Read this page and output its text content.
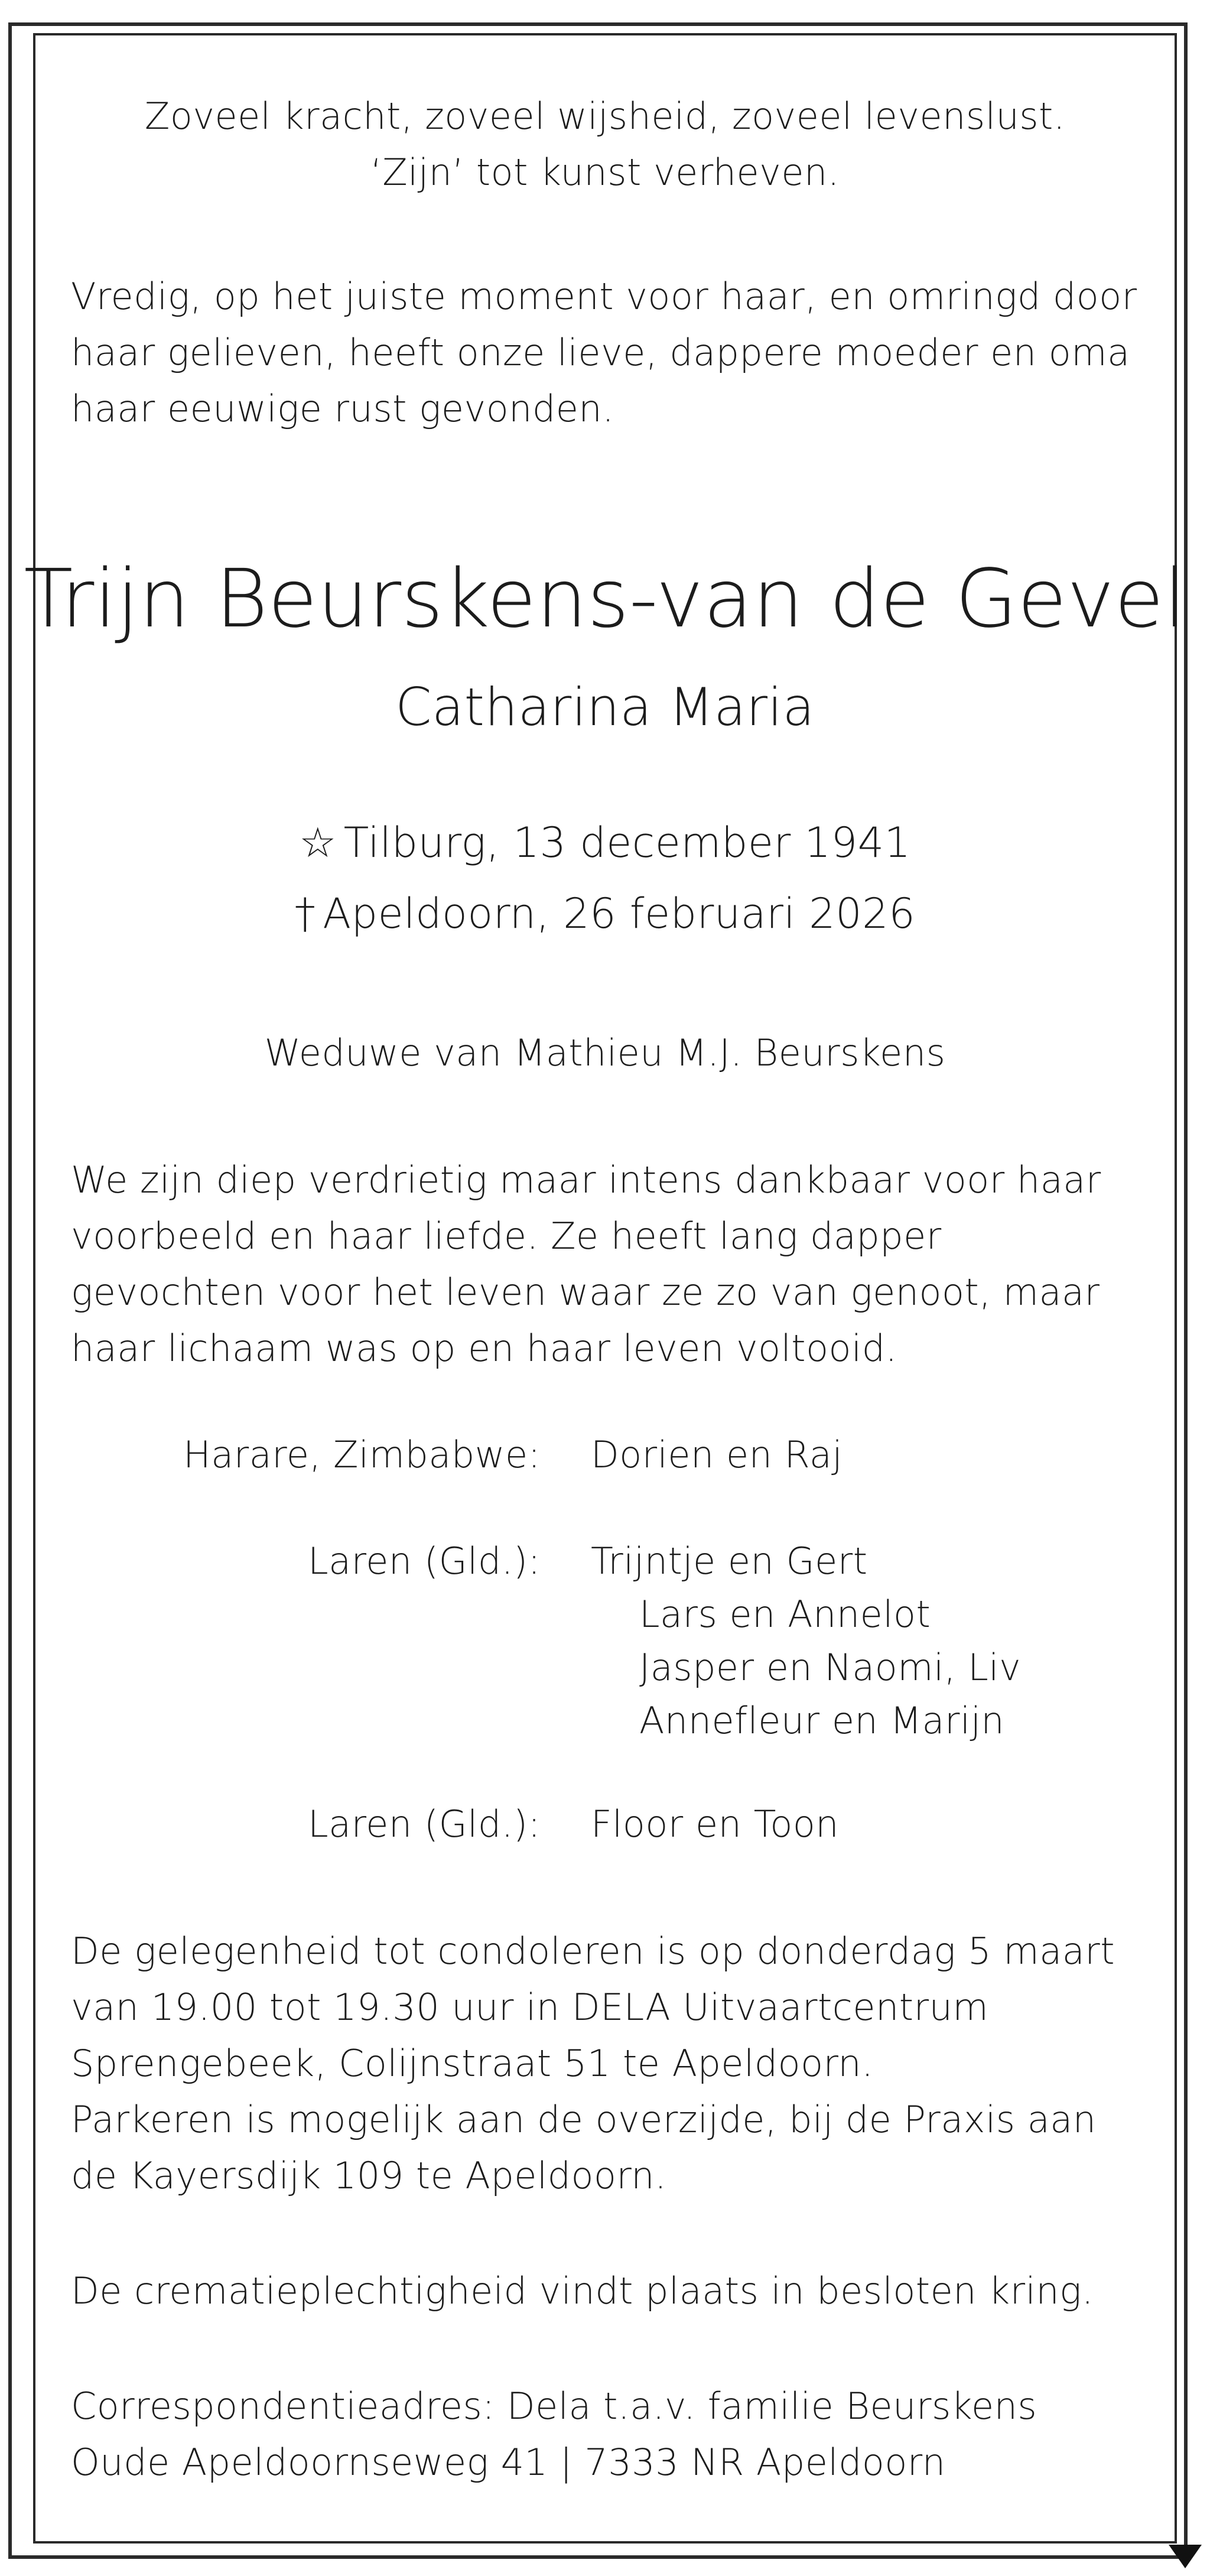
Zoveel kracht, zoveel wijsheid, zoveel levenslust.
‘Zijn’ tot kunst verheven.
Vredig, op het juiste moment voor haar, en omringd door
haar gelieven, heeft onze lieve, dappere moeder en oma
haar eeuwige rust gevonden.
Trijn Beurskens-van de Gevel
Catharina Maria
☆ Tilburg, 13 december 1941
† Apeldoorn, 26 februari 2026
Weduwe van Mathieu M.J. Beurskens
We zijn diep verdrietig maar intens dankbaar voor haar
voorbeeld en haar liefde. Ze heeft lang dapper
gevochten voor het leven waar ze zo van genoot, maar
haar lichaam was op en haar leven voltooid.
Harare, Zimbabwe: Dorien en Raj
Laren (Gld.): Trijntje en Gert
Lars en Annelot
Jasper en Naomi, Liv
Annefleur en Marijn
Laren (Gld.): Floor en Toon
De gelegenheid tot condoleren is op donderdag 5 maart
van 19.00 tot 19.30 uur in DELA Uitvaartcentrum
Sprengebeek, Colijnstraat 51 te Apeldoorn.
Parkeren is mogelijk aan de overzijde, bij de Praxis aan
de Kayersdijk 109 te Apeldoorn.
De crematieplechtigheid vindt plaats in besloten kring.
Correspondentieadres: Dela t.a.v. familie Beurskens
Oude Apeldoornseweg 41 | 7333 NR Apeldoorn
